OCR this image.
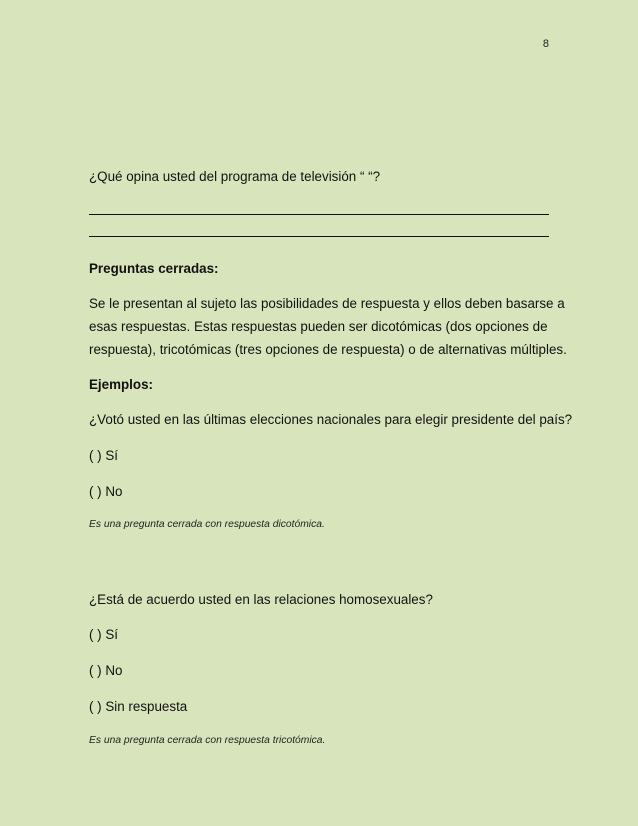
8

¿Qué opina usted del programa de televisión “ “?

Preguntas cerradas:

Se le presentan al sujeto las posibilidades de respuesta y ellos deben basarse a

esas respuestas. Estas respuestas pueden ser dicotómicas (dos opciones de

respuesta), tricotómicas (tres opciones de respuesta) o de alternativas múltiples.

Ejemplos:

¿Votó usted en las últimas elecciones nacionales para elegir presidente del país?

( ) Sí

( ) No

Es una pregunta cerrada con respuesta dicotómica.

¿Está de acuerdo usted en las relaciones homosexuales?

( ) Sí

( ) No

( ) Sin respuesta

Es una pregunta cerrada con respuesta tricotómica.
